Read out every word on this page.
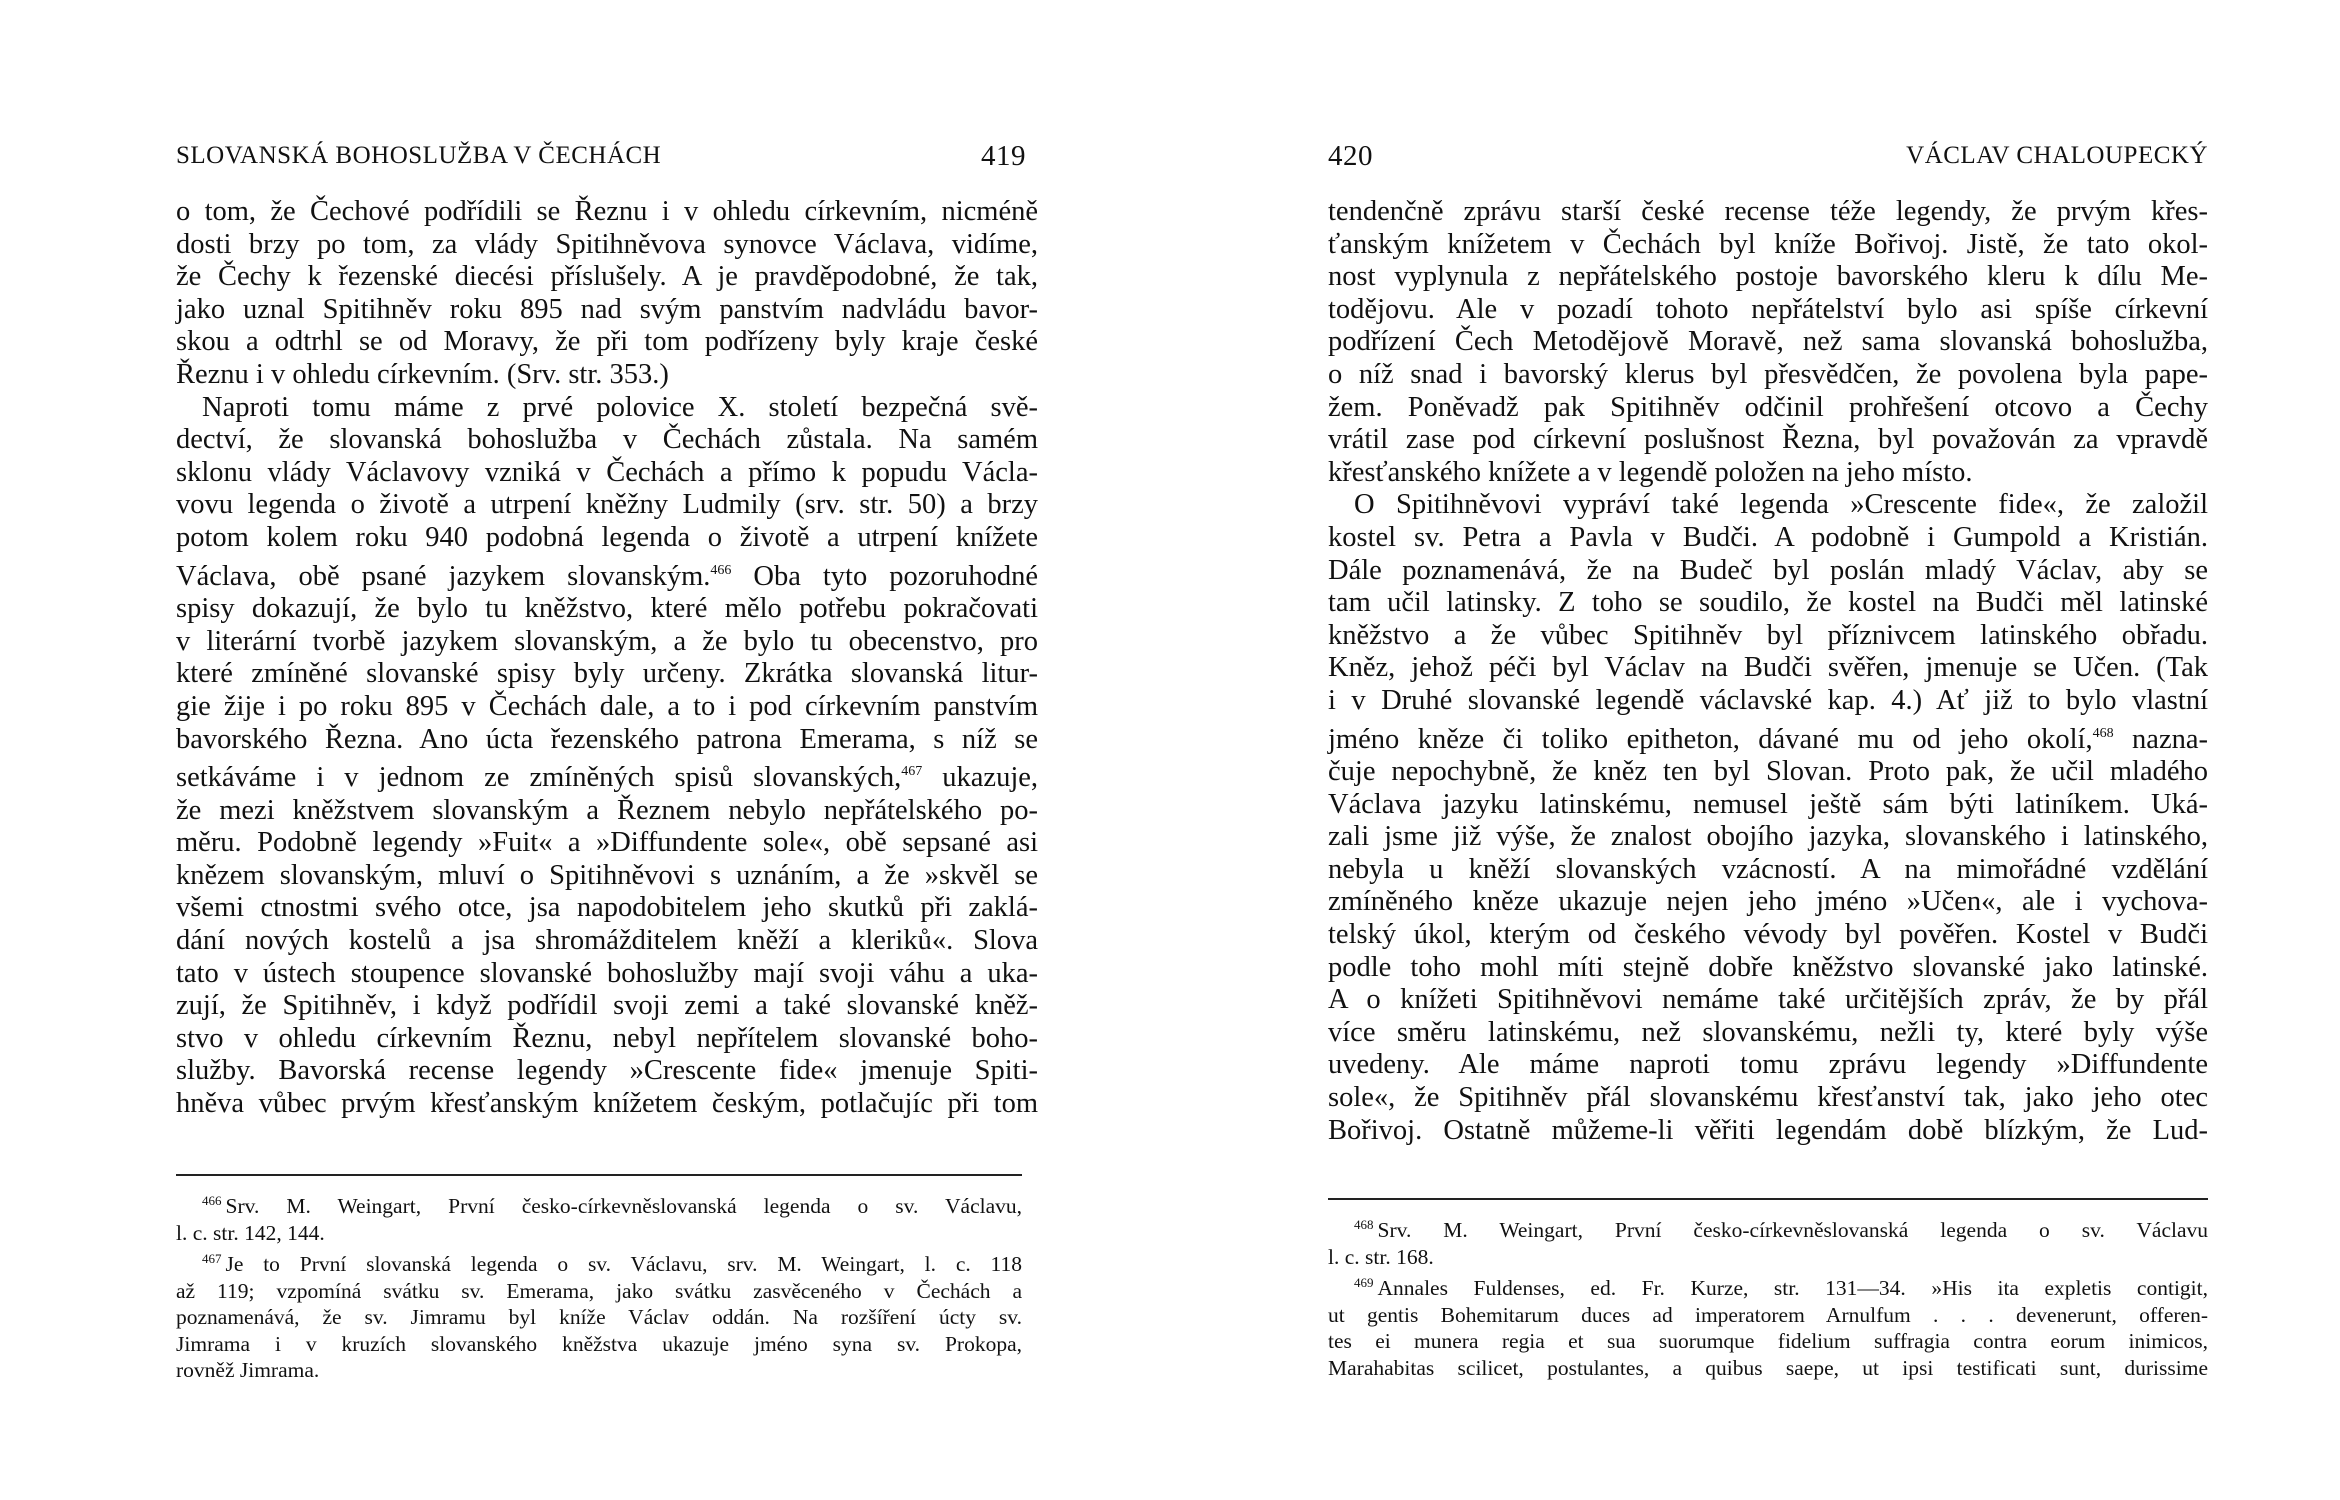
SLOVANSKÁ BOHOSLUŽBA V ČECHÁCH	419
o tom, že Čechové podřídili se Řeznu i v ohledu církevním, nicméně
dosti brzy po tom, za vlády Spitihněvova synovce Václava, vidíme,
že Čechy k řezenské diecési příslušely. A je pravděpodobné, že tak,
jako uznal Spitihněv roku 895 nad svým panstvím nadvládu bavor-
skou a odtrhl se od Moravy, že při tom podřízeny byly kraje české
Řeznu i v ohledu církevním. (Srv. str. 353.)
Naproti tomu máme z prvé polovice X. století bezpečná svě-
dectví, že slovanská bohoslužba v Čechách zůstala. Na samém
sklonu vlády Václavovy vzniká v Čechách a přímo k popudu Václa-
vovu legenda o životě a utrpení kněžny Ludmily (srv. str. 50) a brzy
potom kolem roku 940 podobná legenda o životě a utrpení knížete
Václava, obě psané jazykem slovanským.$^{466}$ Oba tyto pozoruhodné
spisy dokazují, že bylo tu kněžstvo, které mělo potřebu pokračovati
v literární tvorbě jazykem slovanským, a že bylo tu obecenstvo, pro
které zmíněné slovanské spisy byly určeny. Zkrátka slovanská litur-
gie žije i po roku 895 v Čechách dale, a to i pod církevním panstvím
bavorského Řezna. Ano úcta řezenského patrona Emerama, s níž se
setkáváme i v jednom ze zmíněných spisů slovanských,$^{467}$ ukazuje,
že mezi kněžstvem slovanským a Řeznem nebylo nepřátelského po-
měru. Podobně legendy »Fuit« a »Diffundente sole«, obě sepsané asi
knězem slovanským, mluví o Spitihněvovi s uznáním, a že »skvěl se
všemi ctnostmi svého otce, jsa napodobitelem jeho skutků při zaklá-
dání nových kostelů a jsa shromážditelem kněží a kleriků«. Slova
tato v ústech stoupence slovanské bohoslužby mají svoji váhu a uka-
zují, že Spitihněv, i když podřídil svoji zemi a také slovanské kněž-
stvo v ohledu církevním Řeznu, nebyl nepřítelem slovanské boho-
služby. Bavorská recense legendy »Crescente fide« jmenuje Spiti-
hněva vůbec prvým křesťanským knížetem českým, potlačujíc při tom
$^{466}$ Srv. M. Weingart, První česko-církevněslovanská legenda o sv. Václavu,
l. c. str. 142, 144.
$^{467}$ Je to První slovanská legenda o sv. Václavu, srv. M. Weingart, l. c. 118
až 119; vzpomíná svátku sv. Emerama, jako svátku zasvěceného v Čechách a
poznamenává, že sv. Jimramu byl kníže Václav oddán. Na rozšíření úcty sv.
Jimrama i v kruzích slovanského kněžstva ukazuje jméno syna sv. Prokopa,
rovněž Jimrama.
420	VÁCLAV CHALOUPECKÝ
tendenčně zprávu starší české recense téže legendy, že prvým křes-
ťanským knížetem v Čechách byl kníže Bořivoj. Jistě, že tato okol-
nost vyplynula z nepřátelského postoje bavorského kleru k dílu Me-
todějovu. Ale v pozadí tohoto nepřátelství bylo asi spíše církevní
podřízení Čech Metodějově Moravě, než sama slovanská bohoslužba,
o níž snad i bavorský klerus byl přesvědčen, že povolena byla pape-
žem. Poněvadž pak Spitihněv odčinil prohřešení otcovo a Čechy
vrátil zase pod církevní poslušnost Řezna, byl považován za vpravdě
křesťanského knížete a v legendě položen na jeho místo.
O Spitihněvovi vypráví také legenda »Crescente fide«, že založil
kostel sv. Petra a Pavla v Budči. A podobně i Gumpold a Kristián.
Dále poznamenává, že na Budeč byl poslán mladý Václav, aby se
tam učil latinsky. Z toho se soudilo, že kostel na Budči měl latinské
kněžstvo a že vůbec Spitihněv byl příznivcem latinského obřadu.
Kněz, jehož péči byl Václav na Budči svěřen, jmenuje se Učen. (Tak
i v Druhé slovanské legendě václavské kap. 4.) Ať již to bylo vlastní
jméno kněze či toliko epitheton, dávané mu od jeho okolí,$^{468}$ nazna-
čuje nepochybně, že kněz ten byl Slovan. Proto pak, že učil mladého
Václava jazyku latinskému, nemusel ještě sám býti latiníkem. Uká-
zali jsme již výše, že znalost obojího jazyka, slovanského i latinského,
nebyla u kněží slovanských vzácností. A na mimořádné vzdělání
zmíněného kněze ukazuje nejen jeho jméno »Učen«, ale i vychova-
telský úkol, kterým od českého vévody byl pověřen. Kostel v Budči
podle toho mohl míti stejně dobře kněžstvo slovanské jako latinské.
A o knížeti Spitihněvovi nemáme také určitějších zpráv, že by přál
více směru latinskému, než slovanskému, nežli ty, které byly výše
uvedeny. Ale máme naproti tomu zprávu legendy »Diffundente
sole«, že Spitihněv přál slovanskému křesťanství tak, jako jeho otec
Bořivoj. Ostatně můžeme-li věřiti legendám době blízkým, že Lud-
$^{468}$ Srv. M. Weingart, První česko-církevněslovanská legenda o sv. Václavu
l. c. str. 168.
$^{469}$ Annales Fuldenses, ed. Fr. Kurze, str. 131—34. »His ita expletis contigit,
ut gentis Bohemitarum duces ad imperatorem Arnulfum . . . devenerunt, offeren-
tes ei munera regia et sua suorumque fidelium suffragia contra eorum inimicos,
Marahabitas scilicet, postulantes, a quibus saepe, ut ipsi testificati sunt, durissime
